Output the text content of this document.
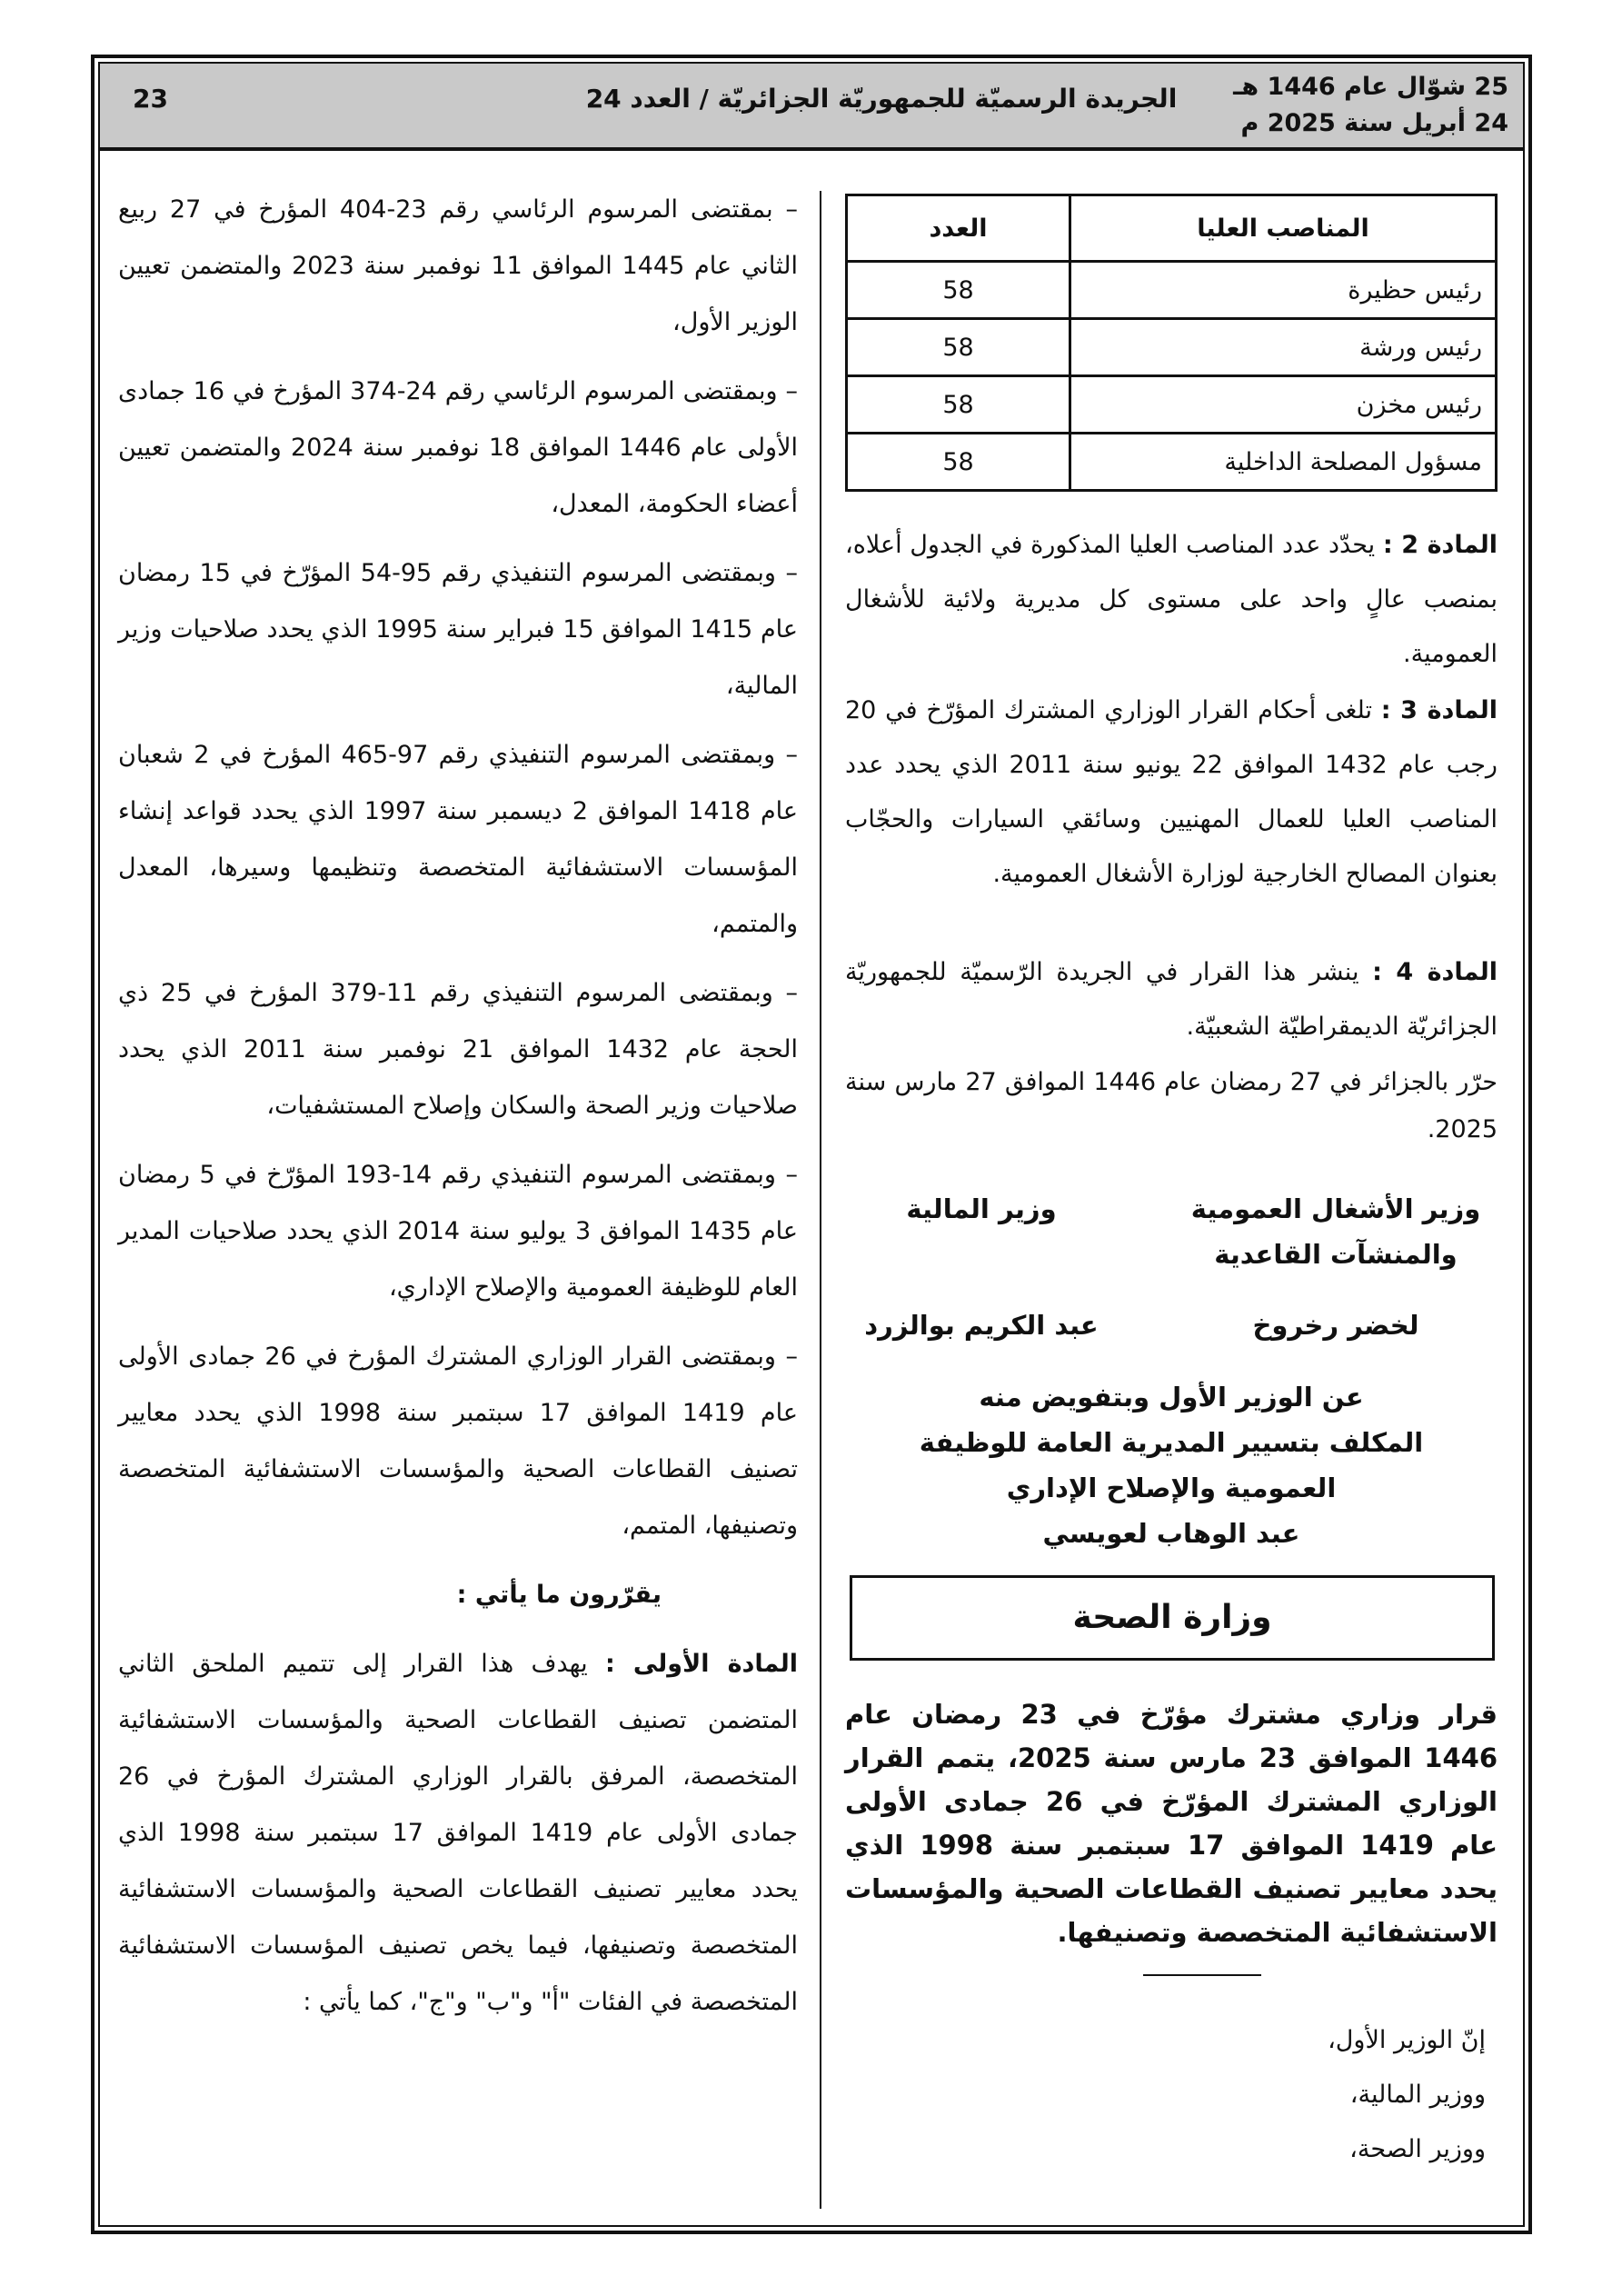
25 شوّال عام 1446 هـ
24 أبريل سنة 2025 م
الجريدة الرسميّة للجمهوريّة الجزائريّة / العدد 24
23
المناصب العليا	العدد
رئيس حظيرة	58
رئيس ورشة	58
رئيس مخزن	58
مسؤول المصلحة الداخلية	58
المادة 2 : يحدّد عدد المناصب العليا المذكورة في الجدول أعلاه، بمنصب عالٍ واحد على مستوى كل مديرية ولائية للأشغال العمومية.
المادة 3 : تلغى أحكام القرار الوزاري المشترك المؤرّخ في 20 رجب عام 1432 الموافق 22 يونيو سنة 2011 الذي يحدد عدد المناصب العليا للعمال المهنيين وسائقي السيارات والحجّاب بعنوان المصالح الخارجية لوزارة الأشغال العمومية.
المادة 4 : ينشر هذا القرار في الجريدة الرّسميّة للجمهوريّة الجزائريّة الديمقراطيّة الشعبيّة.
حرّر بالجزائر في 27 رمضان عام 1446 الموافق 27 مارس سنة 2025.
وزير الأشغال العمومية
والمنشآت القاعدية
لخضر رخروخ
وزير المالية
عبد الكريم بوالزرد
عن الوزير الأول وبتفويض منه
المكلف بتسيير المديرية العامة للوظيفة
العمومية والإصلاح الإداري
عبد الوهاب لعويسي
وزارة الصحة
قرار وزاري مشترك مؤرّخ في 23 رمضان عام 1446 الموافق 23 مارس سنة 2025، يتمم القرار الوزاري المشترك المؤرّخ في 26 جمادى الأولى عام 1419 الموافق 17 سبتمبر سنة 1998 الذي يحدد معايير تصنيف القطاعات الصحية والمؤسسات الاستشفائية المتخصصة وتصنيفها.
إنّ الوزير الأول،
ووزير المالية،
ووزير الصحة،

– بمقتضى المرسوم الرئاسي رقم 23-404 المؤرخ في 27 ربيع الثاني عام 1445 الموافق 11 نوفمبر سنة 2023 والمتضمن تعيين الوزير الأول،

– وبمقتضى المرسوم الرئاسي رقم 24-374 المؤرخ في 16 جمادى الأولى عام 1446 الموافق 18 نوفمبر سنة 2024 والمتضمن تعيين أعضاء الحكومة، المعدل،

– وبمقتضى المرسوم التنفيذي رقم 95-54 المؤرّخ في 15 رمضان عام 1415 الموافق 15 فبراير سنة 1995 الذي يحدد صلاحيات وزير المالية،

– وبمقتضى المرسوم التنفيذي رقم 97-465 المؤرخ في 2 شعبان عام 1418 الموافق 2 ديسمبر سنة 1997 الذي يحدد قواعد إنشاء المؤسسات الاستشفائية المتخصصة وتنظيمها وسيرها، المعدل والمتمم،

– وبمقتضى المرسوم التنفيذي رقم 11-379 المؤرخ في 25 ذي الحجة عام 1432 الموافق 21 نوفمبر سنة 2011 الذي يحدد صلاحيات وزير الصحة والسكان وإصلاح المستشفيات،

– وبمقتضى المرسوم التنفيذي رقم 14-193 المؤرّخ في 5 رمضان عام 1435 الموافق 3 يوليو سنة 2014 الذي يحدد صلاحيات المدير العام للوظيفة العمومية والإصلاح الإداري،

– وبمقتضى القرار الوزاري المشترك المؤرخ في 26 جمادى الأولى عام 1419 الموافق 17 سبتمبر سنة 1998 الذي يحدد معايير تصنيف القطاعات الصحية والمؤسسات الاستشفائية المتخصصة وتصنيفها، المتمم،

يقرّرون ما يأتي :

المادة الأولى : يهدف هذا القرار إلى تتميم الملحق الثاني المتضمن تصنيف القطاعات الصحية والمؤسسات الاستشفائية المتخصصة، المرفق بالقرار الوزاري المشترك المؤرخ في 26 جمادى الأولى عام 1419 الموافق 17 سبتمبر سنة 1998 الذي يحدد معايير تصنيف القطاعات الصحية والمؤسسات الاستشفائية المتخصصة وتصنيفها، فيما يخص تصنيف المؤسسات الاستشفائية المتخصصة في الفئات "أ" و"ب" و"ج"، كما يأتي :
